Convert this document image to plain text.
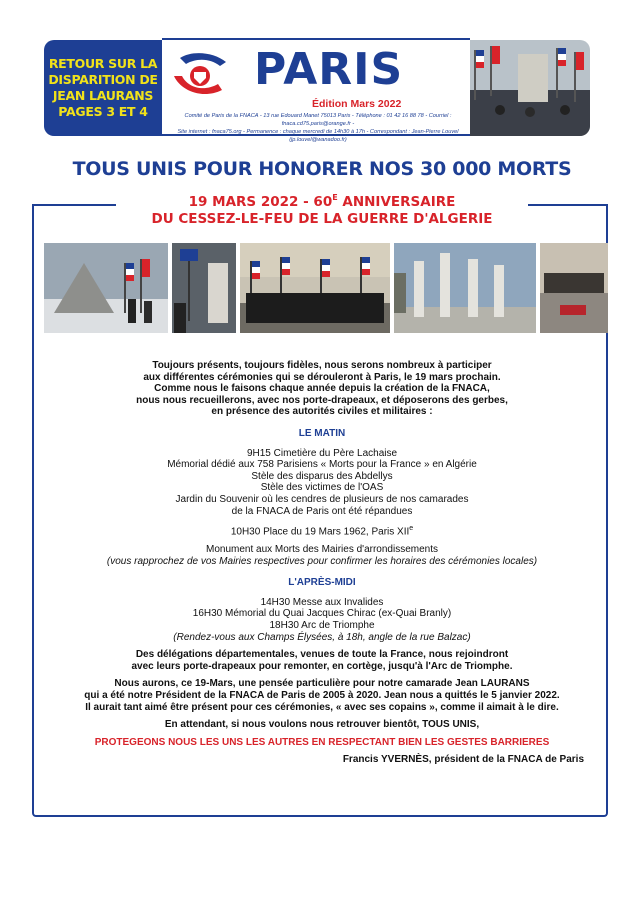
RETOUR SUR LA
DISPARITION DE
JEAN LAURANS
PAGES 3 ET 4
PARIS
Édition Mars 2022
Comité de Paris de la FNACA - 13 rue Edouard Manet 75013 Paris - Téléphone : 01 42 16 88 78 - Courriel : fnaca.cd75.paris@orange.fr -
Site internet : fnaca75.org - Permanence : chaque mercredi de 14h30 à 17h - Correspondant : Jean-Pierre Louvel (jp.louvel@wanadoo.fr)
TOUS UNIS POUR HONORER NOS 30 000 MORTS
19 MARS $2022 - 60^E$ ANNIVERSAIRE
DU CESSEZ-LE-FEU DE LA GUERRE D'ALGERIE

Toujours présents, toujours fidèles, nous serons nombreux à participer

aux différentes cérémonies qui se dérouleront à Paris, le 19 mars prochain.

Comme nous le faisons chaque année depuis la création de la FNACA,

nous nous recueillerons, avec nos porte-drapeaux, et déposerons des gerbes,

en présence des autorités civiles et militaires :

LE MATIN

9H15 Cimetière du Père Lachaise

Mémorial dédié aux 758 Parisiens « Morts pour la France » en Algérie

Stèle des disparus des Abdellys

Stèle des victimes de l'OAS

Jardin du Souvenir où les cendres de plusieurs de nos camarades

de la FNACA de Paris ont été répandues

10H30 Place du 19 Mars 1962, Paris XIIe

Monument aux Morts des Mairies d'arrondissements

(vous rapprochez de vos Mairies respectives pour confirmer les horaires des cérémonies locales)

L'APRÈS-MIDI

14H30 Messe aux Invalides

16H30 Mémorial du Quai Jacques Chirac (ex-Quai Branly)

18H30 Arc de Triomphe

(Rendez-vous aux Champs Élysées, à 18h, angle de la rue Balzac)

Des délégations départementales, venues de toute la France, nous rejoindront

avec leurs porte-drapeaux pour remonter, en cortège, jusqu'à l'Arc de Triomphe.

Nous aurons, ce 19-Mars, une pensée particulière pour notre camarade Jean LAURANS

qui a été notre Président de la FNACA de Paris de 2005 à 2020. Jean nous a quittés le 5 janvier 2022.

Il aurait tant aimé être présent pour ces cérémonies, « avec ses copains », comme il aimait à le dire.

En attendant, si nous voulons nous retrouver bientôt, TOUS UNIS,

PROTEGEONS NOUS LES UNS LES AUTRES EN RESPECTANT BIEN LES GESTES BARRIERES

Francis YVERNÈS, président de la FNACA de Paris
